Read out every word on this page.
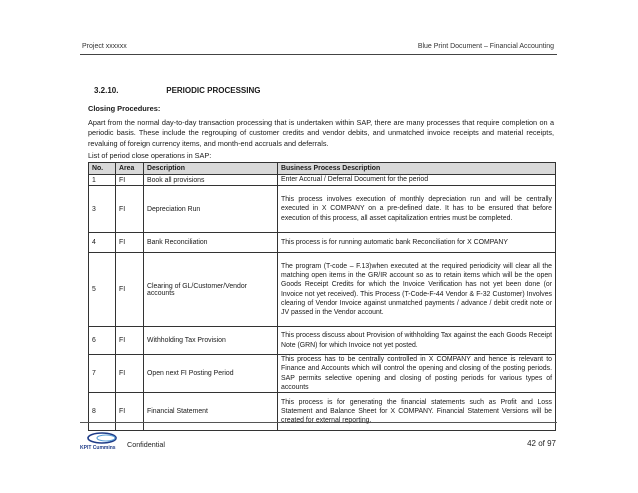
Project xxxxxx	Blue Print Document – Financial Accounting
3.2.10.	PERIODIC PROCESSING
Closing Procedures:

Apart from the normal day-to-day transaction processing that is undertaken within SAP, there are many processes that require completion on a periodic basis. These include the regrouping of customer credits and vendor debits, and unmatched invoice receipts and material receipts, revaluing of foreign currency items, and month-end accruals and deferrals.

List of period close operations in SAP:
No.	Area	Description	Business Process Description
1	FI	Book all provisions	Enter Accrual / Deferral Document for the period
3	FI	Depreciation Run	This process involves execution of monthly depreciation run and will be centrally executed in X COMPANY on a pre-defined date. It has to be ensured that before execution of this process, all asset capitalization entries must be completed.
4	FI	Bank Reconciliation	This process is for running automatic bank Reconciliation for X COMPANY
5	FI	Clearing of GL/Customer/Vendor accounts	The program (T-code – F.13)when executed at the required periodicity will clear all the matching open items in the GR/IR account so as to retain items which will be the open Goods Receipt Credits for which the Invoice Verification has not yet been done (or Invoice not yet received). This Process (T-Code-F-44 Vendor & F-32 Customer) Involves clearing of Vendor Invoice against unmatched payments / advance / debit credit note or JV passed in the Vendor account.
6	FI	Withholding Tax Provision	This process discuss about Provision of withholding Tax against the each Goods Receipt Note (GRN) for which Invoice not yet posted.
7	FI	Open next FI Posting Period	This process has to be centrally controlled in X COMPANY and hence is relevant to Finance and Accounts which will control the opening and closing of the posting periods. SAP permits selective opening and closing of posting periods for various types of accounts
8	FI	Financial Statement	This process is for generating the financial statements such as Profit and Loss Statement and Balance Sheet for X COMPANY. Financial Statement Versions will be created for external reporting.
KPIT Cummins Confidential	42 of 97
